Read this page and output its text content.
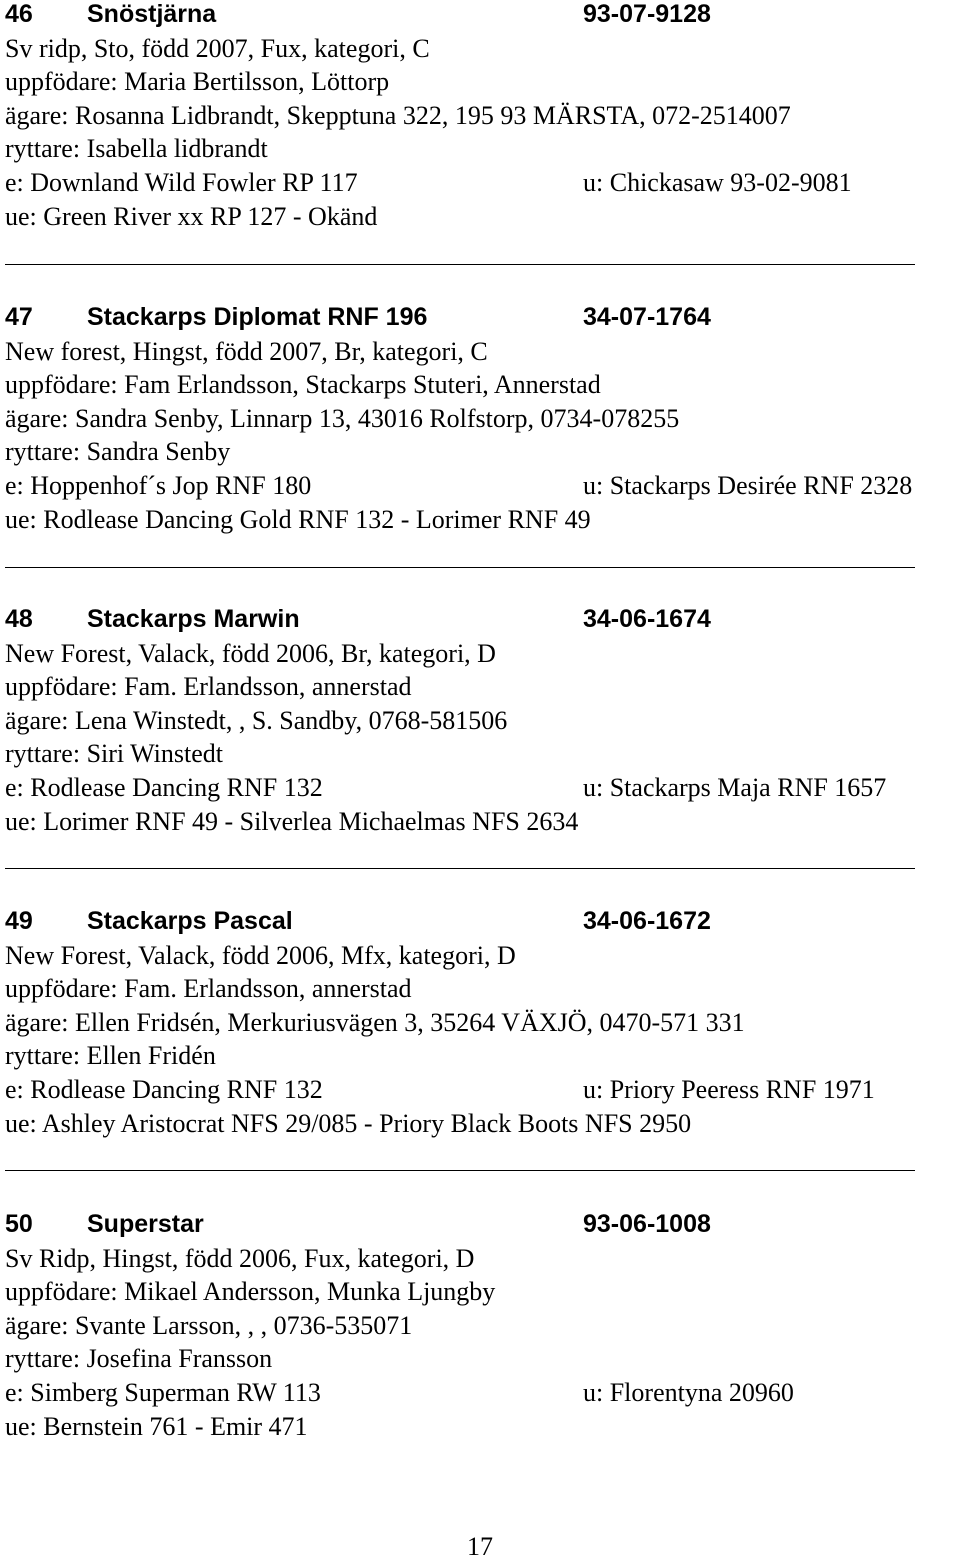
46 Snöstjärna	93-07-9128
Sv ridp, Sto, född 2007, Fux, kategori, C
uppfödare: Maria Bertilsson, Löttorp
ägare: Rosanna Lidbrandt, Skepptuna 322, 195 93 MÄRSTA, 072-2514007
ryttare: Isabella lidbrandt
e: Downland Wild Fowler RP 117	u: Chickasaw 93-02-9081
ue: Green River xx RP 127 - Okänd
47 Stackarps Diplomat RNF 196	34-07-1764
New forest, Hingst, född 2007, Br, kategori, C
uppfödare: Fam Erlandsson, Stackarps Stuteri, Annerstad
ägare: Sandra Senby, Linnarp 13, 43016 Rolfstorp, 0734-078255
ryttare: Sandra Senby
e: Hoppenhof´s Jop RNF 180	u: Stackarps Desirée RNF 2328
ue: Rodlease Dancing Gold RNF 132 - Lorimer RNF 49
48 Stackarps Marwin	34-06-1674
New Forest, Valack, född 2006, Br, kategori, D
uppfödare: Fam. Erlandsson, annerstad
ägare: Lena Winstedt, , S. Sandby, 0768-581506
ryttare: Siri Winstedt
e: Rodlease Dancing RNF 132	u: Stackarps Maja RNF 1657
ue: Lorimer RNF 49 - Silverlea Michaelmas NFS 2634
49 Stackarps Pascal	34-06-1672
New Forest, Valack, född 2006, Mfx, kategori, D
uppfödare: Fam. Erlandsson, annerstad
ägare: Ellen Fridsén, Merkuriusvägen 3, 35264 VÄXJÖ, 0470-571 331
ryttare: Ellen Fridén
e: Rodlease Dancing RNF 132	u: Priory Peeress RNF 1971
ue: Ashley Aristocrat NFS 29/085 - Priory Black Boots NFS 2950
50 Superstar	93-06-1008
Sv Ridp, Hingst, född 2006, Fux, kategori, D
uppfödare: Mikael Andersson, Munka Ljungby
ägare: Svante Larsson, , , 0736-535071
ryttare: Josefina Fransson
e: Simberg Superman RW 113	u: Florentyna 20960
ue: Bernstein 761 - Emir 471
17
